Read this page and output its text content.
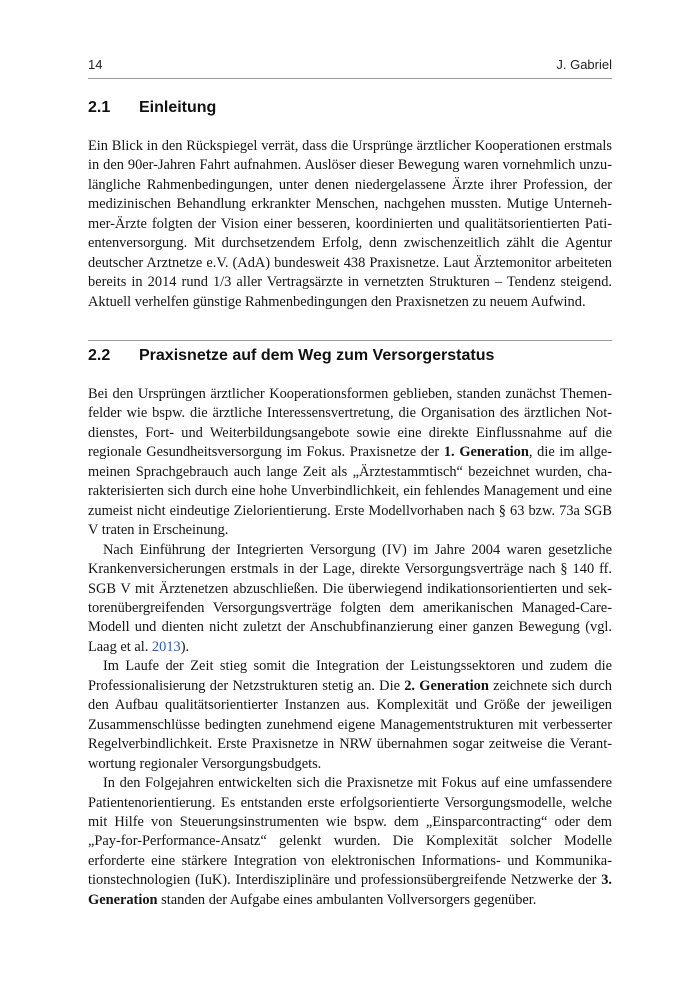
14	J. Gabriel
2.1 Einleitung

Ein Blick in den Rückspiegel verrät, dass die Ursprünge ärztlicher Kooperationen erstmals in den 90er-Jahren Fahrt aufnahmen. Auslöser dieser Bewegung waren vornehmlich unzulängliche Rahmenbedingungen, unter denen niedergelassene Ärzte ihrer Profession, der medizinischen Behandlung erkrankter Menschen, nachgehen mussten. Mutige Unternehmer-Ärzte folgten der Vision einer besseren, koordinierten und qualitätsorientierten Patientenversorgung. Mit durchsetzendem Erfolg, denn zwischenzeitlich zählt die Agentur deutscher Arztnetze e.V. (AdA) bundesweit 438 Praxisnetze. Laut Ärztemonitor arbeiteten bereits in 2014 rund 1/3 aller Vertragsärzte in vernetzten Strukturen – Tendenz steigend. Aktuell verhelfen günstige Rahmenbedingungen den Praxisnetzen zu neuem Aufwind.

2.2 Praxisnetze auf dem Weg zum Versorgerstatus

Bei den Ursprüngen ärztlicher Kooperationsformen geblieben, standen zunächst Themenfelder wie bspw. die ärztliche Interessensvertretung, die Organisation des ärztlichen Notdienstes, Fort- und Weiterbildungsangebote sowie eine direkte Einflussnahme auf die regionale Gesundheitsversorgung im Fokus. Praxisnetze der 1. Generation, die im allgemeinen Sprachgebrauch auch lange Zeit als „Ärztestammtisch“ bezeichnet wurden, charakterisierten sich durch eine hohe Unverbindlichkeit, ein fehlendes Management und eine zumeist nicht eindeutige Zielorientierung. Erste Modellvorhaben nach § 63 bzw. 73a SGB V traten in Erscheinung.

Nach Einführung der Integrierten Versorgung (IV) im Jahre 2004 waren gesetzliche Krankenversicherungen erstmals in der Lage, direkte Versorgungsverträge nach § 140 ff. SGB V mit Ärztenetzen abzuschließen. Die überwiegend indikationsorientierten und sektorenübergreifenden Versorgungsverträge folgten dem amerikanischen Managed-Care-Modell und dienten nicht zuletzt der Anschubfinanzierung einer ganzen Bewegung (vgl. Laag et al. 2013).

Im Laufe der Zeit stieg somit die Integration der Leistungssektoren und zudem die Professionalisierung der Netzstrukturen stetig an. Die 2. Generation zeichnete sich durch den Aufbau qualitätsorientierter Instanzen aus. Komplexität und Größe der jeweiligen Zusammenschlüsse bedingten zunehmend eigene Managementstrukturen mit verbesserter Regelverbindlichkeit. Erste Praxisnetze in NRW übernahmen sogar zeitweise die Verantwortung regionaler Versorgungsbudgets.

In den Folgejahren entwickelten sich die Praxisnetze mit Fokus auf eine umfassendere Patientenorientierung. Es entstanden erste erfolgsorientierte Versorgungsmodelle, welche mit Hilfe von Steuerungsinstrumenten wie bspw. dem „Einsparcontracting“ oder dem „Pay-for-Performance-Ansatz“ gelenkt wurden. Die Komplexität solcher Modelle erforderte eine stärkere Integration von elektronischen Informations- und Kommunikationstechnologien (IuK). Interdisziplinäre und professionsübergreifende Netzwerke der 3. Generation standen der Aufgabe eines ambulanten Vollversorgers gegenüber.
